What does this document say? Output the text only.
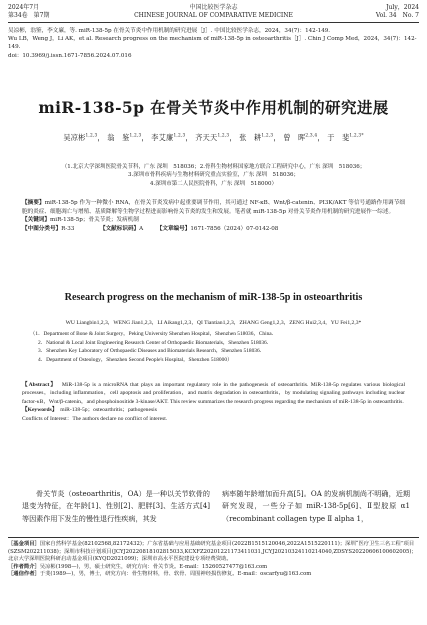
2024年7月
第34卷　第7期
中国比较医学杂志
CHINESE JOURNAL OF COMPARATIVE MEDICINE
July，2024
Vol. 34　No. 7
吴凉彬，翁鉴，李文廉，等. miR-138-5p 在骨关节炎中作用机制的研究进展［J］. 中国比较医学杂志，2024，34(7)：142-149.
Wu LB，Weng J，Li AK，et al. Research progress on the mechanism of miR-138-5p in osteoarthritis［J］. Chin J Comp Med，2024，34(7)：142-149.
doi：10.3969/j.issn.1671-7856.2024.07.016
miR-138-5p 在骨关节炎中作用机制的研究进展
吴凉彬$^{1,2,3}$， 翁　鉴$^{1,2,3}$， 李艾廉$^{1,2,3}$， 齐天天$^{1,2,3}$， 张　耕$^{1,2,3}$， 曾　晖$^{2,3,4}$， 于　斐$^{1,2,3*}$
（1.北京大学深圳医院骨关节科，广东 深圳　518036；2.骨科生物材料国家地方联合工程研究中心，广东 深圳　518036；
3.深圳市骨科疾病与生物材料研究重点实验室，广东 深圳　518036；
4.深圳市第二人民医院骨科，广东 深圳　518000）
【摘要】miR-138-5p 作为一种微小 RNA，在骨关节炎发病中起重要调节作用，其可通过 NF-κB、Wnt/β-catenin、PI3K/AKT 等信号通路作用调节细胞的炎症、细胞凋亡与增殖、基质降解等生物学过程进而影响骨关节炎的发生和发展。笔者就 miR-138-5p 对骨关节炎作用机制的研究进展作一综述。
【关键词】miR-138-5p；骨关节炎；发病机制
【中图分类号】R-33	【文献标识码】A 【文章编号】1671-7856（2024）07-0142-08
Research progress on the mechanism of miR-138-5p in osteoarthritis
WU Liangbin1,2,3，WENG Jian1,2,3，LI Aikang1,2,3，QI Tiantian1,2,3，ZHANG Geng1,2,3，ZENG Hui2,3,4，YU Fei1,2,3*
（1．Department of Bone & Joint Surgery，Peking University Shenzhen Hospital，Shenzhen 518036，China．
2．National & Local Joint Engineering Research Center of Orthopaedic Biomaterials，Shenzhen 518036．
3．Shenzhen Key Laboratory of Orthopaedic Diseases and Biomaterials Research，Shenzhen 518036．
4．Department of Osteology，Shenzhen Second People's Hospital，Shenzhen 518000）
【Abstract】 MiR-138-5p is a microRNA that plays an important regulatory role in the pathogenesis of osteoarthritis. MiR-138-5p regulates various biological processes，including inflammation，cell apoptosis and proliferation，and matrix degradation in osteoarthritis，by modulating signaling pathways including nuclear factor-κB，Wnt/β-catenin，and phosphoinositide 3-kinase/AKT. This review summarizes the research progress regarding the mechanism of miR-138-5p in osteoarthritis.
【Keywords】 miR-138-5p；osteoarthritis；pathogenesis
Conflicts of Interest：The authors declare no conflict of interest.
骨关节炎（osteoarthritis，OA）是一种以关节软骨的退变为特征，在年龄[1]、性别[2]、肥胖[3]、生活方式[4]等因素作用下发生的慢性退行性疾病，其发
病率随年龄增加而升高[5]。OA 的发病机制尚不明确，近期研究发现，一些分子如 miR-138-5p[6]、Ⅱ型胶原 α1（recombinant collagen type Ⅱ alpha 1，
［基金项目］国家自然科学基金(82102568,82172432)；广东省基础与应用基础研究基金项目(2022B1515120046,2022A1515220111)；深圳“医疗卫生三名工程”项目(SZSM202211038)；深圳市科技计划项目(JCYJ20220818102815033,KCXFZ20201221173411031,JCYJ20210324110214040,ZDSYS20220606100602005)；北京大学深圳医院科研启动基金项目(KYQD2021099)；深圳市高水平医院建设专项经费资助。
［作者简介］吴凉彬(1998—)，男，硕士研究生，研究方向：骨关节炎。E-mail：15260527477@163.com
［通信作者］于斐(1989—)，男，博士，研究方向：骨生物材料，骨、软骨、周围神经损伤修复。E-mail：oscarfyu@163.com
